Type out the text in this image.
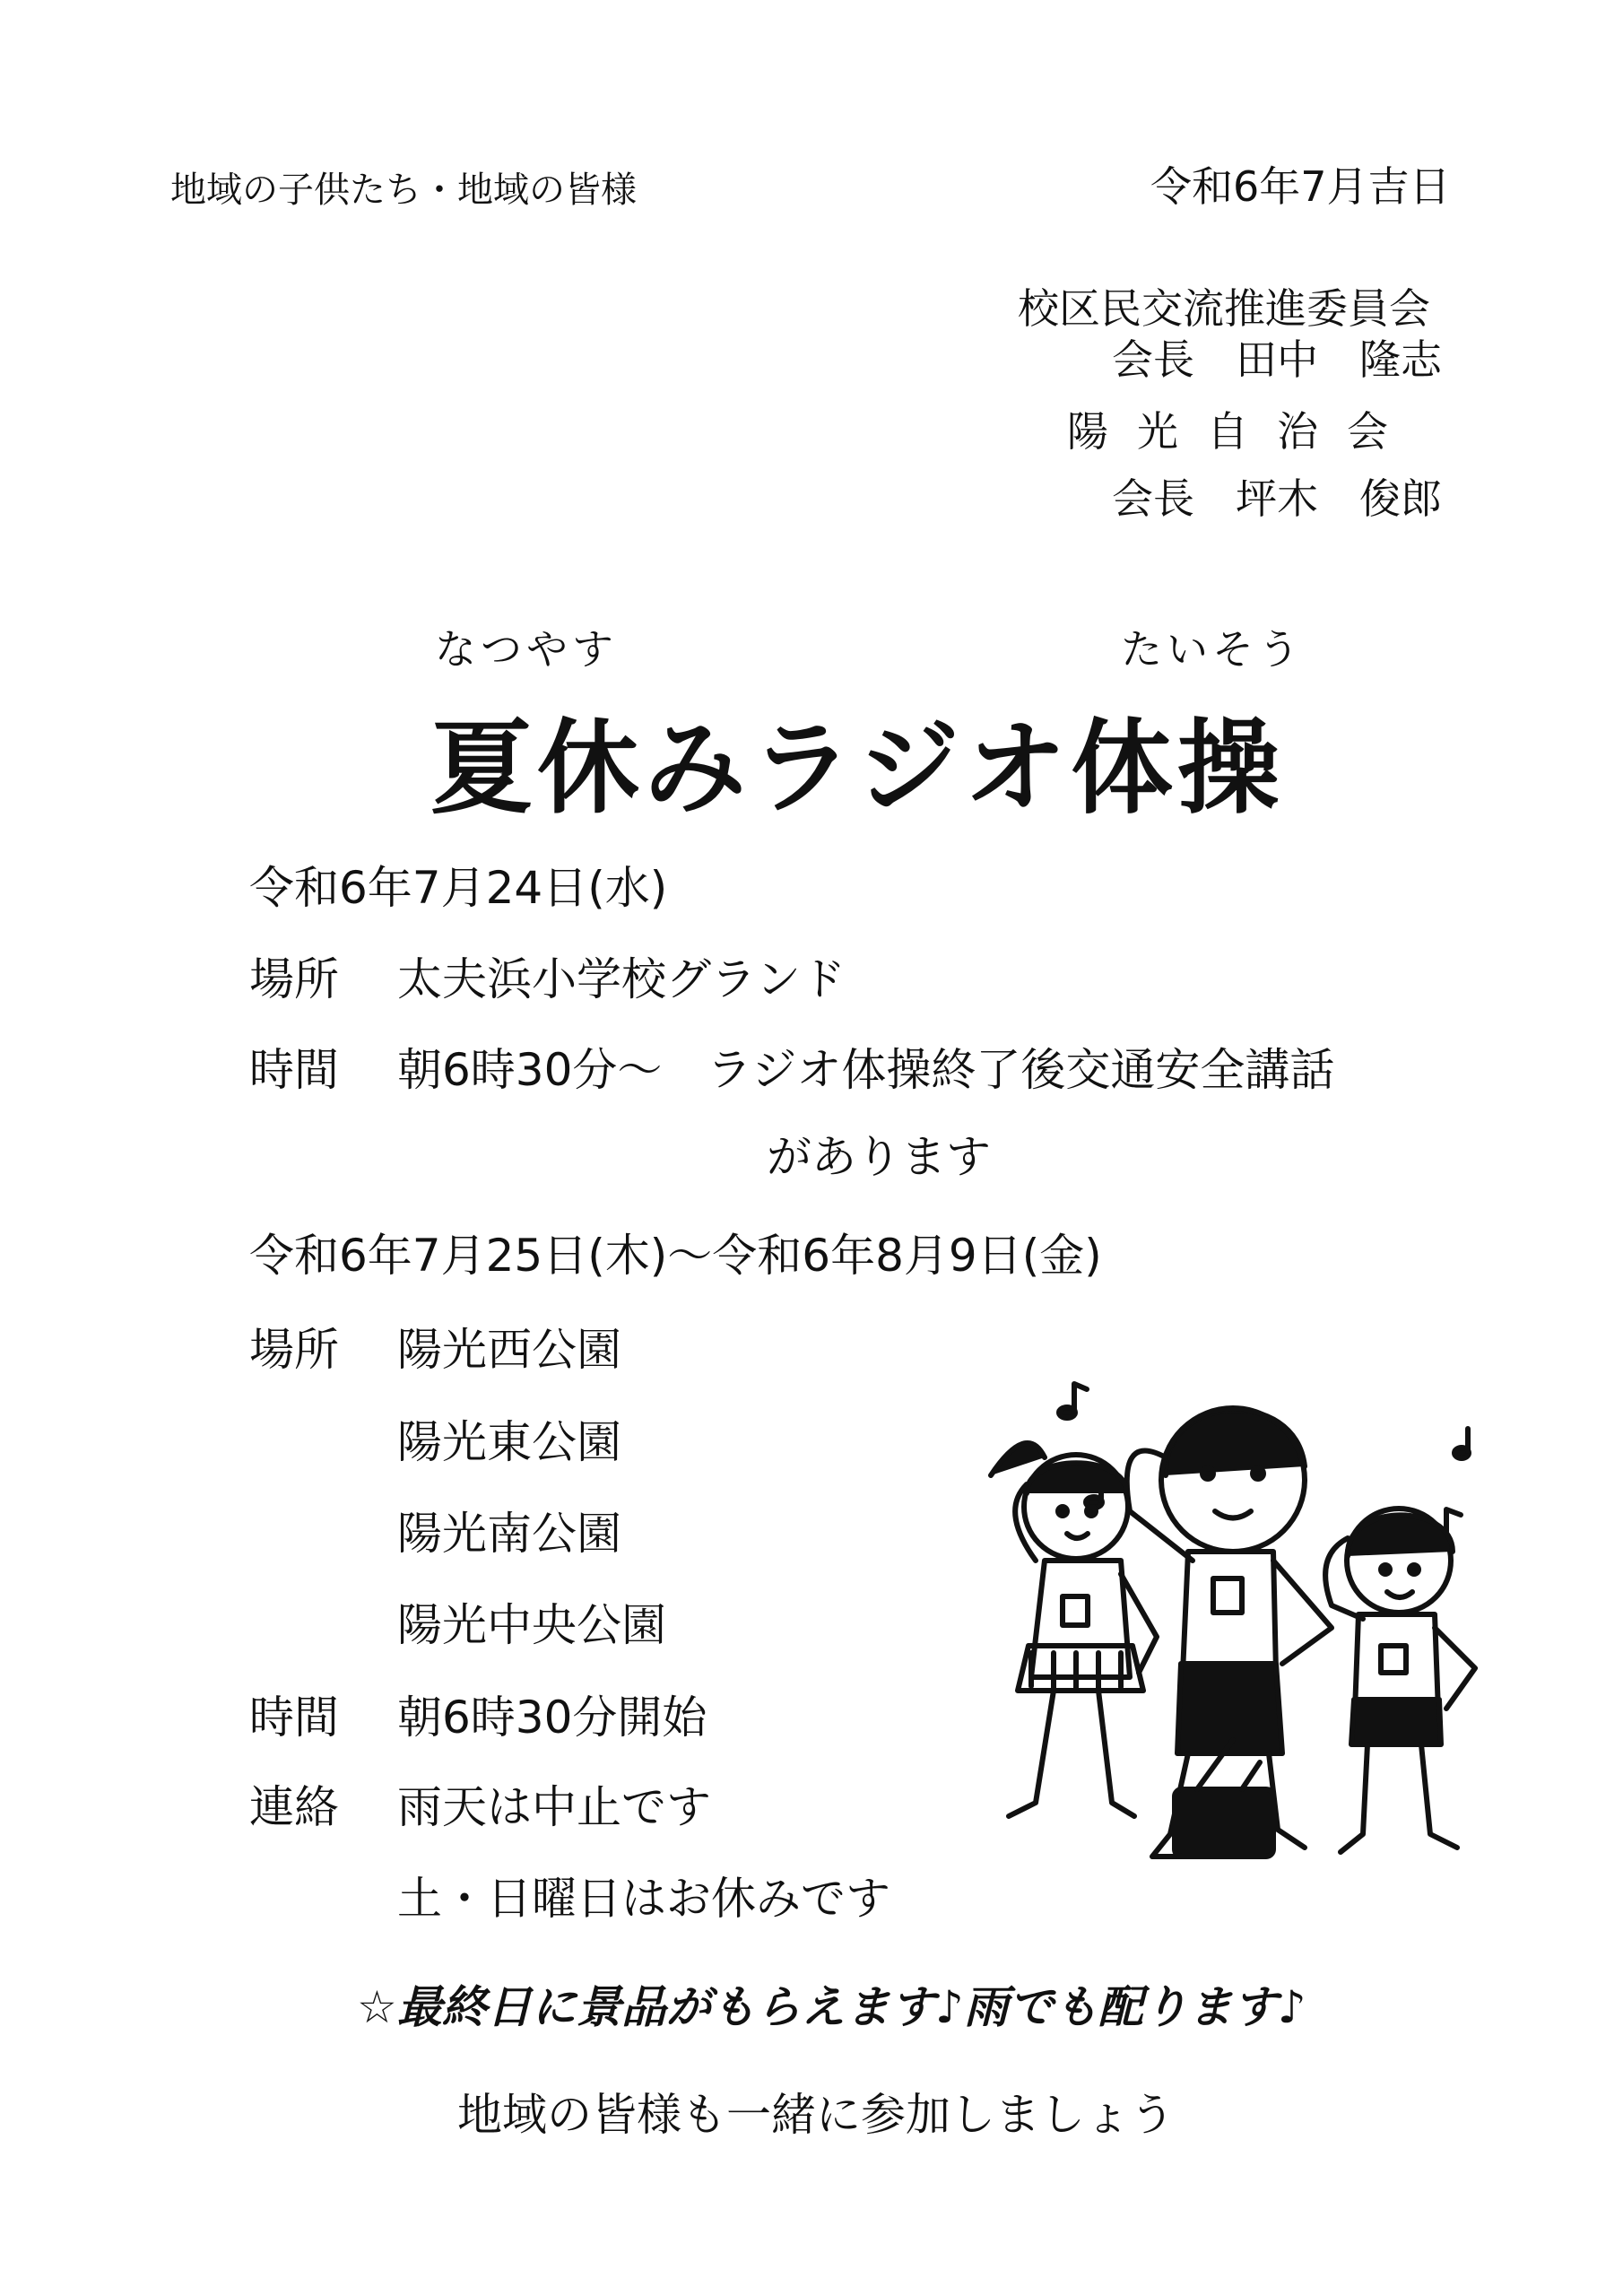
地域の子供たち・地域の皆様	令和6年7月吉日
校区民交流推進委員会
会長　田中　隆志
陽光自治会
会長　坪木　俊郎
なつやす	たいそう
夏休みラジオ体操
令和6年7月24日(水)
場所 太夫浜小学校グランド
時間 朝6時30分～　ラジオ体操終了後交通安全講話
があります
令和6年7月25日(木)～令和6年8月9日(金)
場所 陽光西公園
陽光東公園
陽光南公園
陽光中央公園
時間 朝6時30分開始
連絡 雨天は中止です
土・日曜日はお休みです
☆最終日に景品がもらえます♪雨でも配ります♪
地域の皆様も一緒に参加しましょう
